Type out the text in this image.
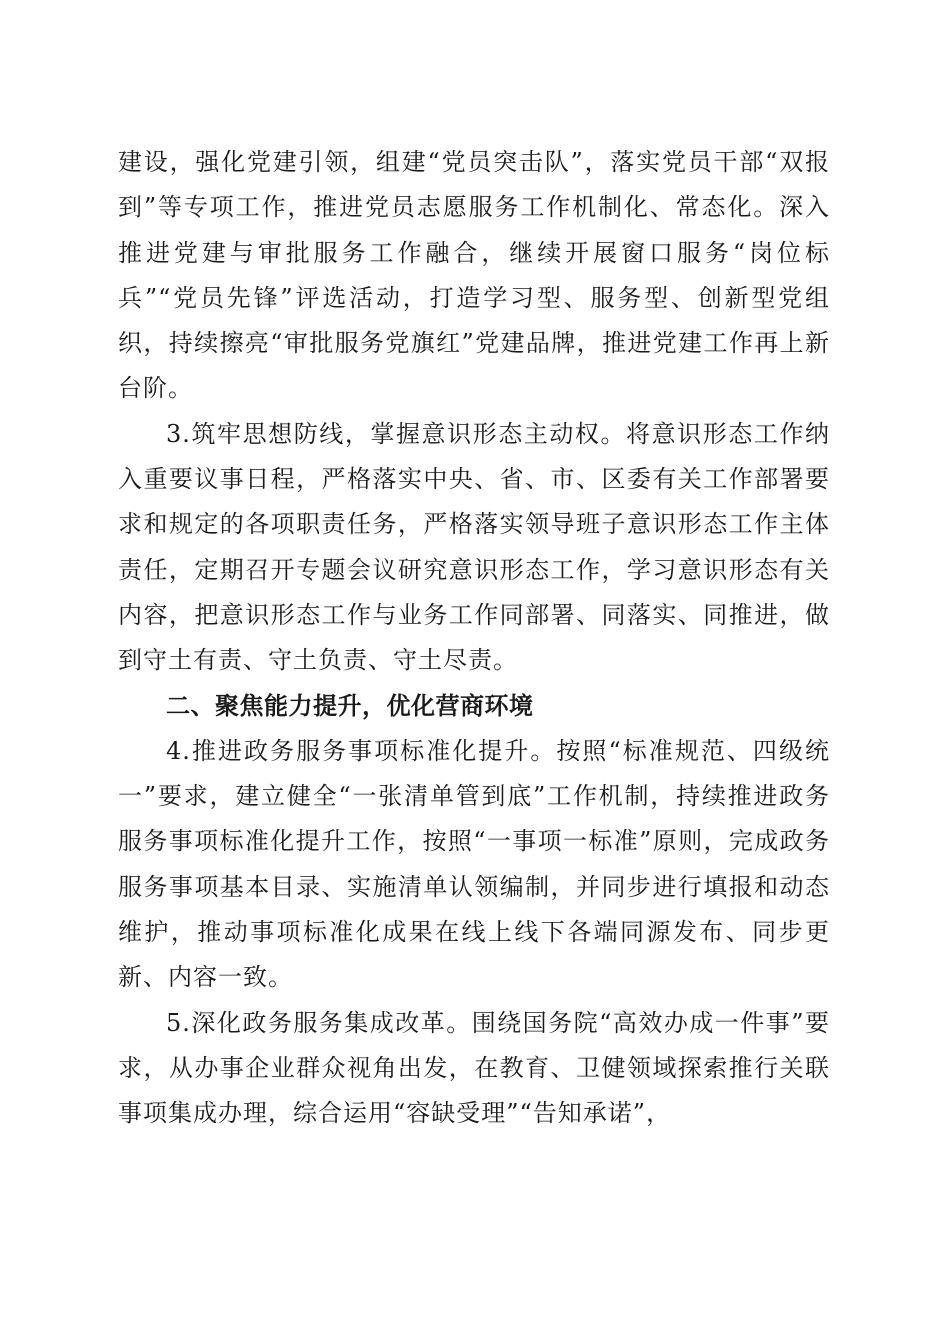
建设，强化党建引领，组建“党员突击队”，落实党员干部“双报到”等专项工作，推进党员志愿服务工作机制化、常态化。深入推进党建与审批服务工作融合，继续开展窗口服务“岗位标兵”“党员先锋”评选活动，打造学习型、服务型、创新型党组织，持续擦亮“审批服务党旗红”党建品牌，推进党建工作再上新台阶。

3.筑牢思想防线，掌握意识形态主动权。将意识形态工作纳入重要议事日程，严格落实中央、省、市、区委有关工作部署要求和规定的各项职责任务，严格落实领导班子意识形态工作主体责任，定期召开专题会议研究意识形态工作，学习意识形态有关内容，把意识形态工作与业务工作同部署、同落实、同推进，做到守土有责、守土负责、守土尽责。

二、聚焦能力提升，优化营商环境

4.推进政务服务事项标准化提升。按照“标准规范、四级统一”要求，建立健全“一张清单管到底”工作机制，持续推进政务服务事项标准化提升工作，按照“一事项一标准”原则，完成政务服务事项基本目录、实施清单认领编制，并同步进行填报和动态维护，推动事项标准化成果在线上线下各端同源发布、同步更新、内容一致。

5.深化政务服务集成改革。围绕国务院“高效办成一件事”要求，从办事企业群众视角出发，在教育、卫健领域探索推行关联事项集成办理，综合运用“容缺受理”“告知承诺”，
